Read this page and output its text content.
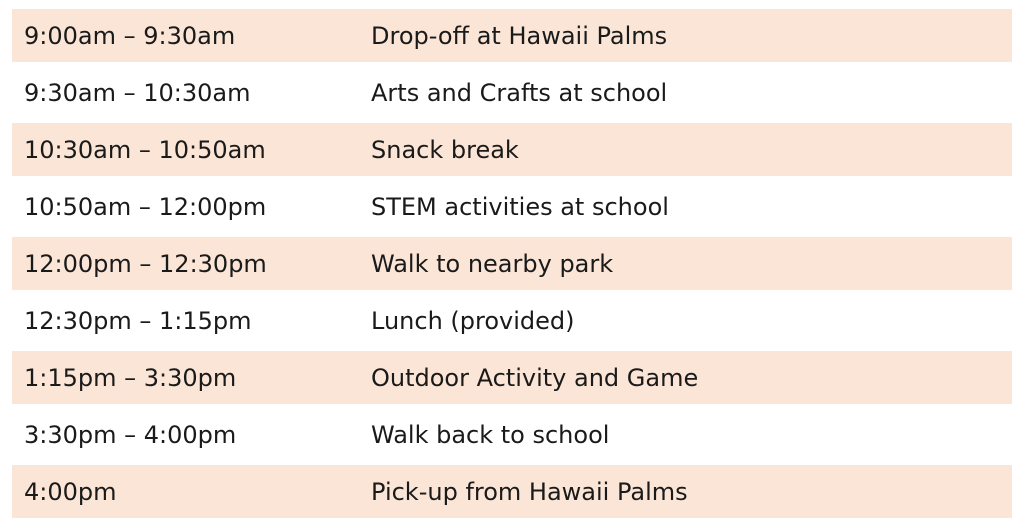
9:00am – 9:30am	Drop-off at Hawaii Palms
9:30am – 10:30am	Arts and Crafts at school
10:30am – 10:50am	Snack break
10:50am – 12:00pm	STEM activities at school
12:00pm – 12:30pm	Walk to nearby park
12:30pm – 1:15pm	Lunch (provided)
1:15pm – 3:30pm	Outdoor Activity and Game
3:30pm – 4:00pm	Walk back to school
4:00pm	Pick-up from Hawaii Palms
